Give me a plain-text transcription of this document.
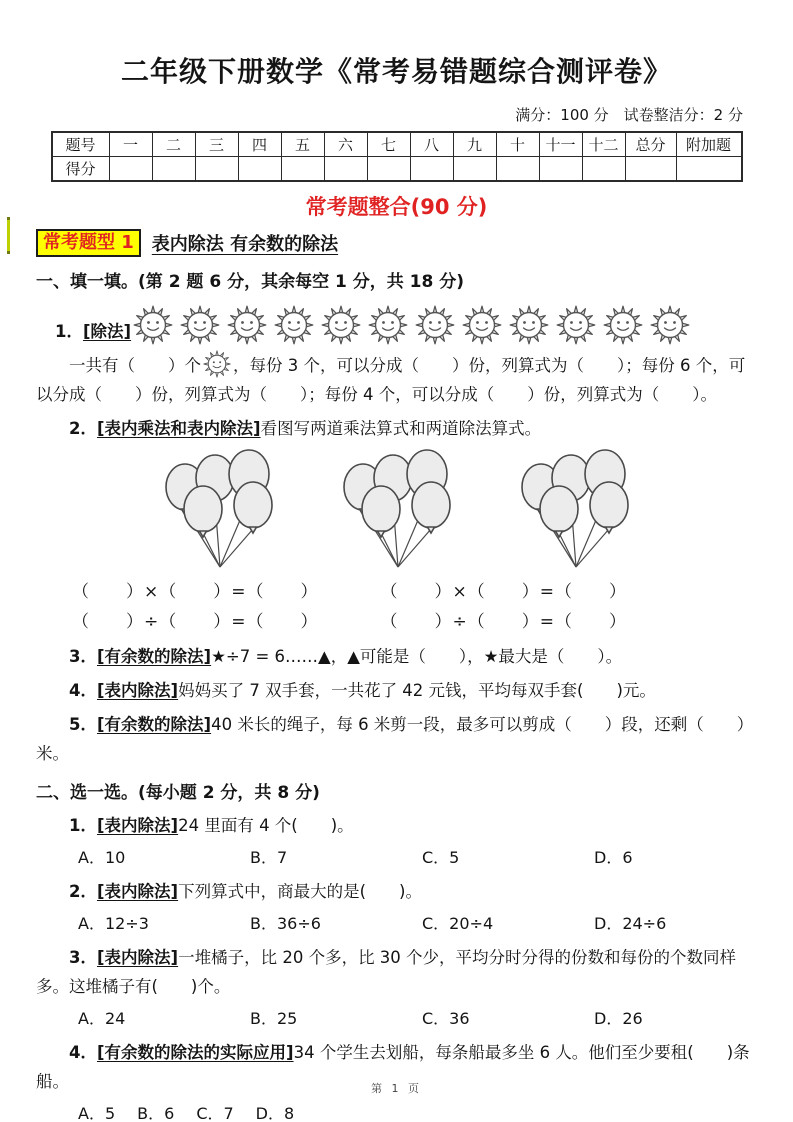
二年级下册数学《常考易错题综合测评卷》
满分：100 分　试卷整洁分：2 分
题号	一	二	三	四	五	六	七	八	九	十	十一	十二	总分	附加题
得分														
常考题整合(90 分)
常考题型 1	表内除法 有余数的除法
一、填一填。(第 2 题 6 分，其余每空 1 分，共 18 分)
1．[除法]

一共有（　　）个 ，每份 3 个，可以分成（　　）份，列算式为（　　）；每份 6 个，可以分成（　　）份，列算式为（　　）；每份 4 个，可以分成（　　）份，列算式为（　　）。

2．[表内乘法和表内除法]看图写两道乘法算式和两道除法算式。

（　　）×（　　）=（　　）	（　　）×（　　）=（　　）
（　　）÷（　　）=（　　）	（　　）÷（　　）=（　　）

3．[有余数的除法]★÷7 = 6……▲，▲可能是（　　），★最大是（　　）。

4．[表内除法]妈妈买了 7 双手套，一共花了 42 元钱，平均每双手套(　　)元。

5．[有余数的除法]40 米长的绳子，每 6 米剪一段，最多可以剪成（　　）段，还剩（　　）米。

二、选一选。(每小题 2 分，共 8 分)

1．[表内除法]24 里面有 4 个(　　)。

A．10	B．7	C．5	D．6

2．[表内除法]下列算式中，商最大的是(　　)。

A．12÷3	B．36÷6	C．20÷4	D．24÷6

3．[表内除法]一堆橘子，比 20 个多，比 30 个少，平均分时分得的份数和每份的个数同样多。这堆橘子有(　　)个。

A．24	B．25	C．36	D．26

4．[有余数的除法的实际应用]34 个学生去划船，每条船最多坐 6 人。他们至少要租(　　)条船。

A．5 B．6 C．7 D．8
第 1 页
